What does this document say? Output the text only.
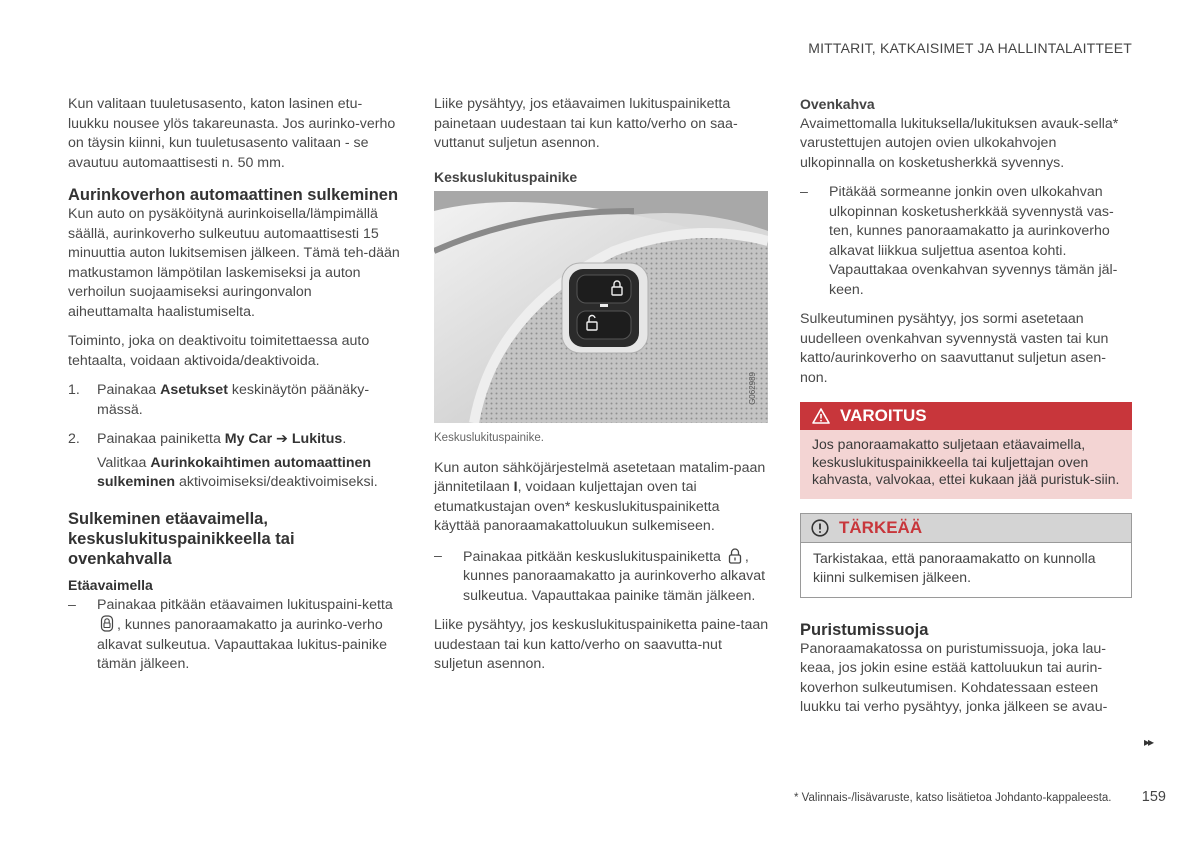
MITTARIT, KATKAISIMET JA HALLINTALAITTEET

Kun valitaan tuuletusasento, katon lasinen etu-luukku nousee ylös takareunasta. Jos aurinko-verho on täysin kiinni, kun tuuletusasento valitaan - se avautuu automaattisesti n. 50 mm.

Aurinkoverhon automaattinen sulkeminen

Kun auto on pysäköitynä aurinkoisella/lämpimällä säällä, aurinkoverho sulkeutuu automaattisesti 15 minuuttia auton lukitsemisen jälkeen. Tämä teh-dään matkustamon lämpötilan laskemiseksi ja auton verhoilun suojaamiseksi auringonvalon aiheuttamalta haalistumiselta.

Toiminto, joka on deaktivoitu toimitettaessa auto tehtaalta, voidaan aktivoida/deaktivoida.

1.	Painakaa Asetukset keskinäytön päänäky-mässä.
2.	Painakaa painiketta My Car ➔ Lukitus.

Valitkaa Aurinkokaihtimen automaattinen sulkeminen aktivoimiseksi/deaktivoimiseksi.

Sulkeminen etäavaimella, keskuslukituspainikkeella tai ovenkahvalla
Etäavaimella
–	Painakaa pitkään etäavaimen lukituspaini-ketta , kunnes panoraamakatto ja aurinko-verho alkavat sulkeutua. Vapauttakaa lukitus-painike tämän jälkeen.

Liike pysähtyy, jos etäavaimen lukituspainiketta painetaan uudestaan tai kun katto/verho on saa-vuttanut suljetun asennon.

Keskuslukituspainike
G062989
Keskuslukituspainike.

Kun auton sähköjärjestelmä asetetaan matalim-paan jännitetilaan I, voidaan kuljettajan oven tai etumatkustajan oven* keskuslukituspainiketta käyttää panoraamakattoluukun sulkemiseen.

–	Painakaa pitkään keskuslukituspainiketta , kunnes panoraamakatto ja aurinkoverho alkavat sulkeutua. Vapauttakaa painike tämän jälkeen.

Liike pysähtyy, jos keskuslukituspainiketta paine-taan uudestaan tai kun katto/verho on saavutta-nut suljetun asennon.

Ovenkahva

Avaimettomalla lukituksella/lukituksen avauk-sella* varustettujen autojen ovien ulkokahvojen ulkopinnalla on kosketusherkkä syvennys.

–	Pitäkää sormeanne jonkin oven ulkokahvan ulkopinnan kosketusherkkää syvennystä vas-ten, kunnes panoraamakatto ja aurinkoverho alkavat liikkua suljettua asentoa kohti. Vapauttakaa ovenkahvan syvennys tämän jäl-keen.

Sulkeutuminen pysähtyy, jos sormi asetetaan uudelleen ovenkahvan syvennystä vasten tai kun katto/aurinkoverho on saavuttanut suljetun asen-non.

VAROITUS
Jos panoraamakatto suljetaan etäavaimella, keskuslukituspainikkeella tai kuljettajan oven kahvasta, valvokaa, ettei kukaan jää puristuk-siin.
TÄRKEÄÄ
Tarkistakaa, että panoraamakatto on kunnolla kiinni sulkemisen jälkeen.
Puristumissuoja

Panoraamakatossa on puristumissuoja, joka lau-keaa, jos jokin esine estää kattoluukun tai aurin-koverhon sulkeutumisen. Kohdatessaan esteen luukku tai verho pysähtyy, jonka jälkeen se avau-

▸▸
* Valinnais-/lisävaruste, katso lisätietoa Johdanto-kappaleesta. 159
